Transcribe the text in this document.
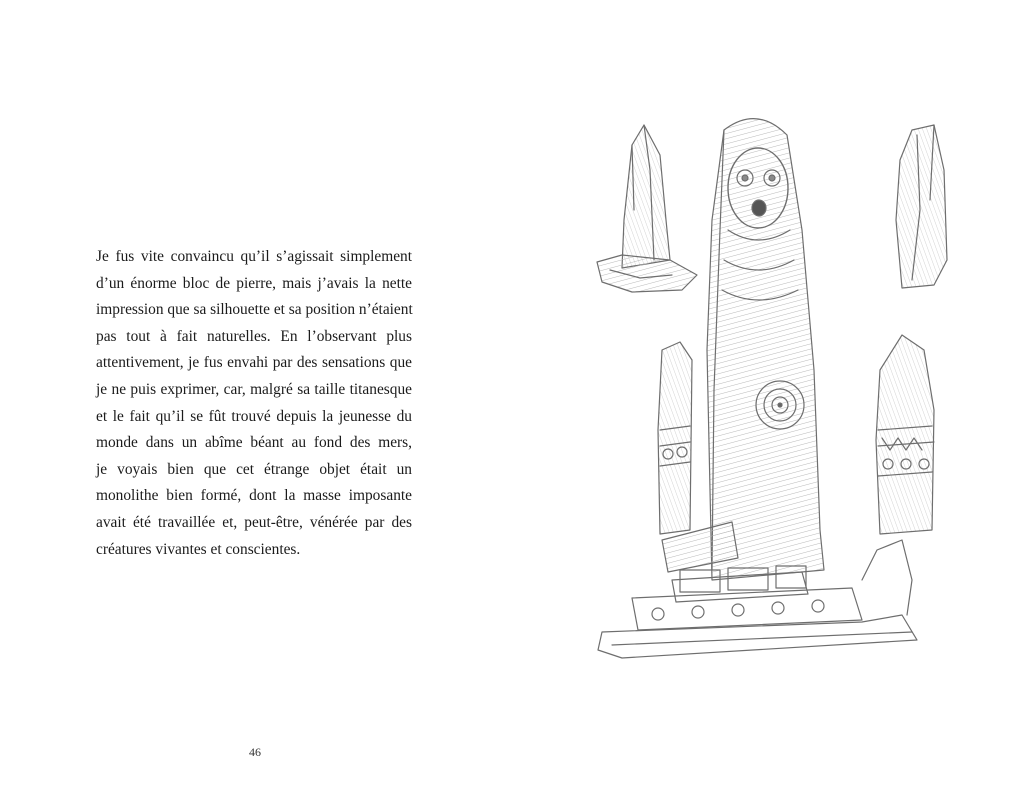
Je fus vite convaincu qu’il s’agissait simplement
d’un énorme bloc de pierre, mais j’avais la nette
impression que sa silhouette et sa position n’étaient
pas tout à fait naturelles. En l’observant plus
attentivement, je fus envahi par des sensations que
je ne puis exprimer, car, malgré sa taille titanesque
et le fait qu’il se fût trouvé depuis la jeunesse du
monde dans un abîme béant au fond des mers,
je voyais bien que cet étrange objet était un
monolithe bien formé, dont la masse imposante
avait été travaillée et, peut-être, vénérée par des
créatures vivantes et conscientes.

46
